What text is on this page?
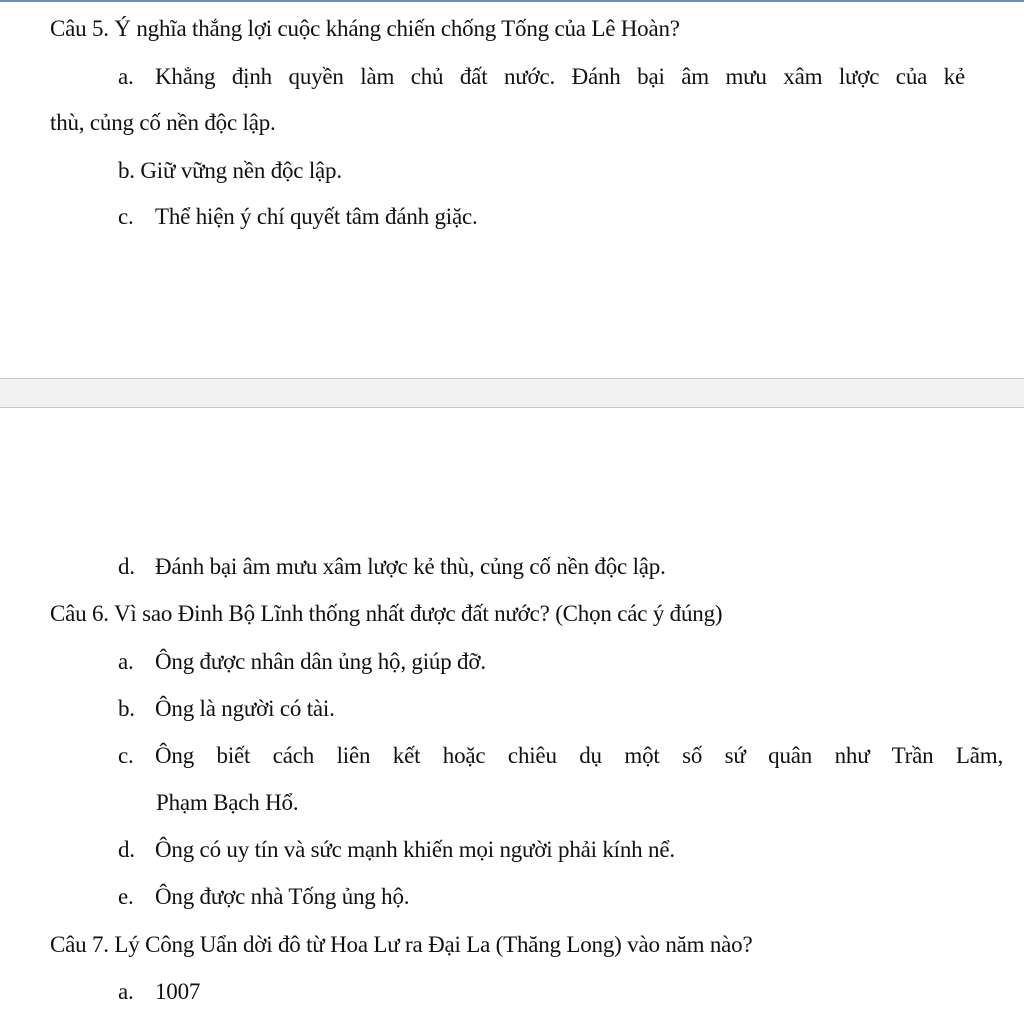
Câu 5. Ý nghĩa thắng lợi cuộc kháng chiến chống Tống của Lê Hoàn?
a. Khẳng định quyền làm chủ đất nước. Đánh bại âm mưu xâm lược của kẻ
thù, củng cố nền độc lập.
b. Giữ vững nền độc lập.
c. Thể hiện ý chí quyết tâm đánh giặc.
d. Đánh bại âm mưu xâm lược kẻ thù, củng cố nền độc lập.
Câu 6. Vì sao Đinh Bộ Lĩnh thống nhất được đất nước? (Chọn các ý đúng)
a. Ông được nhân dân ủng hộ, giúp đỡ.
b. Ông là người có tài.
c. Ông biết cách liên kết hoặc chiêu dụ một số sứ quân như Trần Lãm,
Phạm Bạch Hổ.
d. Ông có uy tín và sức mạnh khiến mọi người phải kính nể.
e. Ông được nhà Tống ủng hộ.
Câu 7. Lý Công Uẩn dời đô từ Hoa Lư ra Đại La (Thăng Long) vào năm nào?
a. 1007
